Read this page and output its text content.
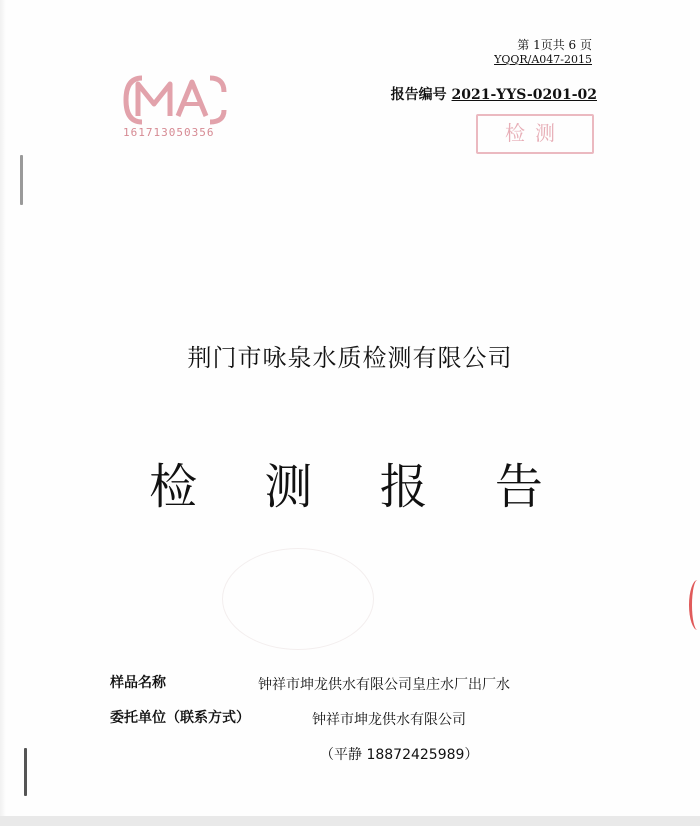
第 1页共 6 页
YQQR/A047-2015
报告编号 2021-YYS-0201-02
161713050356	检测
荆门市咏泉水质检测有限公司
检 测 报 告
样品名称	钟祥市坤龙供水有限公司皇庄水厂出厂水
委托单位（联系方式）	钟祥市坤龙供水有限公司
（平静 18872425989）
